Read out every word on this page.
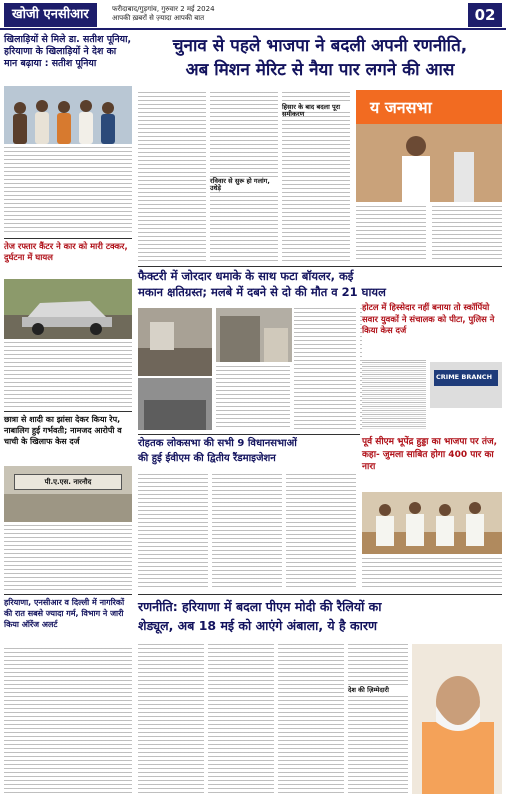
खोजी एनसीआर	फरीदाबाद/गुड़गांव, गुरुवार 2 मई 2024
आपकी ख़बरों से ज़्यादा आपकी बात	02
खिलाड़ियों से मिले डा. सतीश पूनिया, हरियाणा के खिलाड़ियों ने देश का मान बढ़ाया : सतीश पूनिया
तेज रफ्तार कैंटर ने कार को मारी टक्कर, दुर्घटना में घायल
छात्रा से शादी का झांसा देकर किया रेप, नाबालिग हुई गर्भवती; नामजद आरोपी व चाची के खिलाफ केस दर्ज
पी.ए.एस. नारनौद
हरियाणा, एनसीआर व दिल्ली में नागरिकों की रात सबसे ज्यादा गर्म, विभाग ने जारी किया ऑरेंज अलर्ट
चुनाव से पहले भाजपा ने बदली अपनी रणनीति,
अब मिशन मेरिट से नैया पार लगने की आस
रविवार से सुरू हो गलांग, उधेड़े
हिसार के बाद बदला पूरा समीकरण	य जनसभा
फैक्टरी में जोरदार धमाके के साथ फटा बॉयलर, कई
मकान क्षतिग्रस्त; मलबे में दबने से दो की मौत व 21 घायल
रोहतक लोकसभा की सभी 9 विधानसभाओं
की हुई ईवीएम की द्वितीय रैंडमाइजेशन
CRIME BRANCH
पूर्व सीएम भूपेंद्र हुड्डा का भाजपा पर तंज, कहा- जुमला साबित होगा 400 पार का नारा
रणनीति: हरियाणा में बदला पीएम मोदी की रैलियों का
शेड्यूल, अब 18 मई को आएंगे अंबाला, ये है कारण
देश की ज़िम्मेदारी
होटल में हिस्सेदार नहीं बनाया तो स्कॉर्पियो सवार युवकों ने संचालक को पीटा, पुलिस ने किया केस दर्ज
